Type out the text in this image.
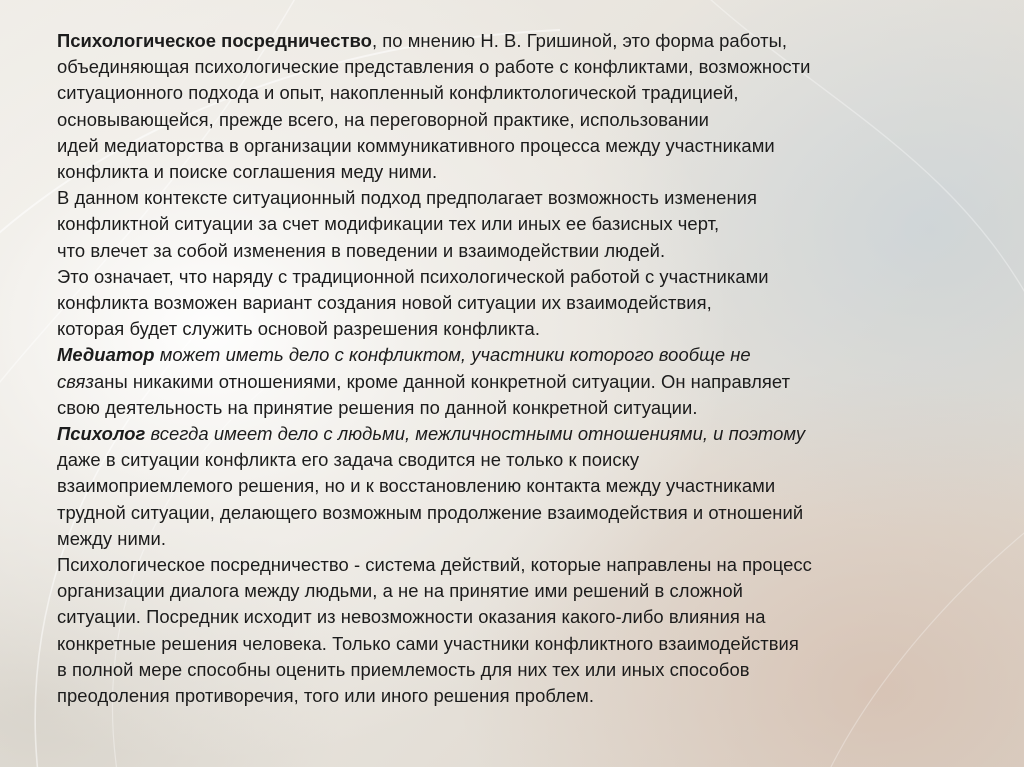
Психологическое посредничество, по мнению Н. В. Гришиной, это форма работы,
объединяющая психологические представления о работе с конфликтами, возможности
ситуационного подхода и опыт, накопленный конфликтологической традицией,
основывающейся, прежде всего, на переговорной практике, использовании
идей медиаторства в организации коммуникативного процесса между участниками
конфликта и поиске соглашения меду ними.
В данном контексте ситуационный подход предполагает возможность изменения
конфликтной ситуации за счет модификации тех или иных ее базисных черт,
что влечет за собой изменения в поведении и взаимодействии людей.
Это означает, что наряду с традиционной психологической работой с участниками
конфликта возможен вариант создания новой ситуации их взаимодействия,
которая будет служить основой разрешения конфликта.
Медиатор может иметь дело с конфликтом, участники которого вообще не
связаны никакими отношениями, кроме данной конкретной ситуации. Он направляет
свою деятельность на принятие решения по данной конкретной ситуации.
Психолог всегда имеет дело с людьми, межличностными отношениями, и поэтому
даже в ситуации конфликта его задача сводится не только к поиску
взаимоприемлемого решения, но и к восстановлению контакта между участниками
трудной ситуации, делающего возможным продолжение взаимодействия и отношений
между ними.
Психологическое посредничество - система действий, которые направлены на процесс
организации диалога между людьми, а не на принятие ими решений в сложной
ситуации. Посредник исходит из невозможности оказания какого-либо влияния на
конкретные решения человека. Только сами участники конфликтного взаимодействия
в полной мере способны оценить приемлемость для них тех или иных способов
преодоления противоречия, того или иного решения проблем.
